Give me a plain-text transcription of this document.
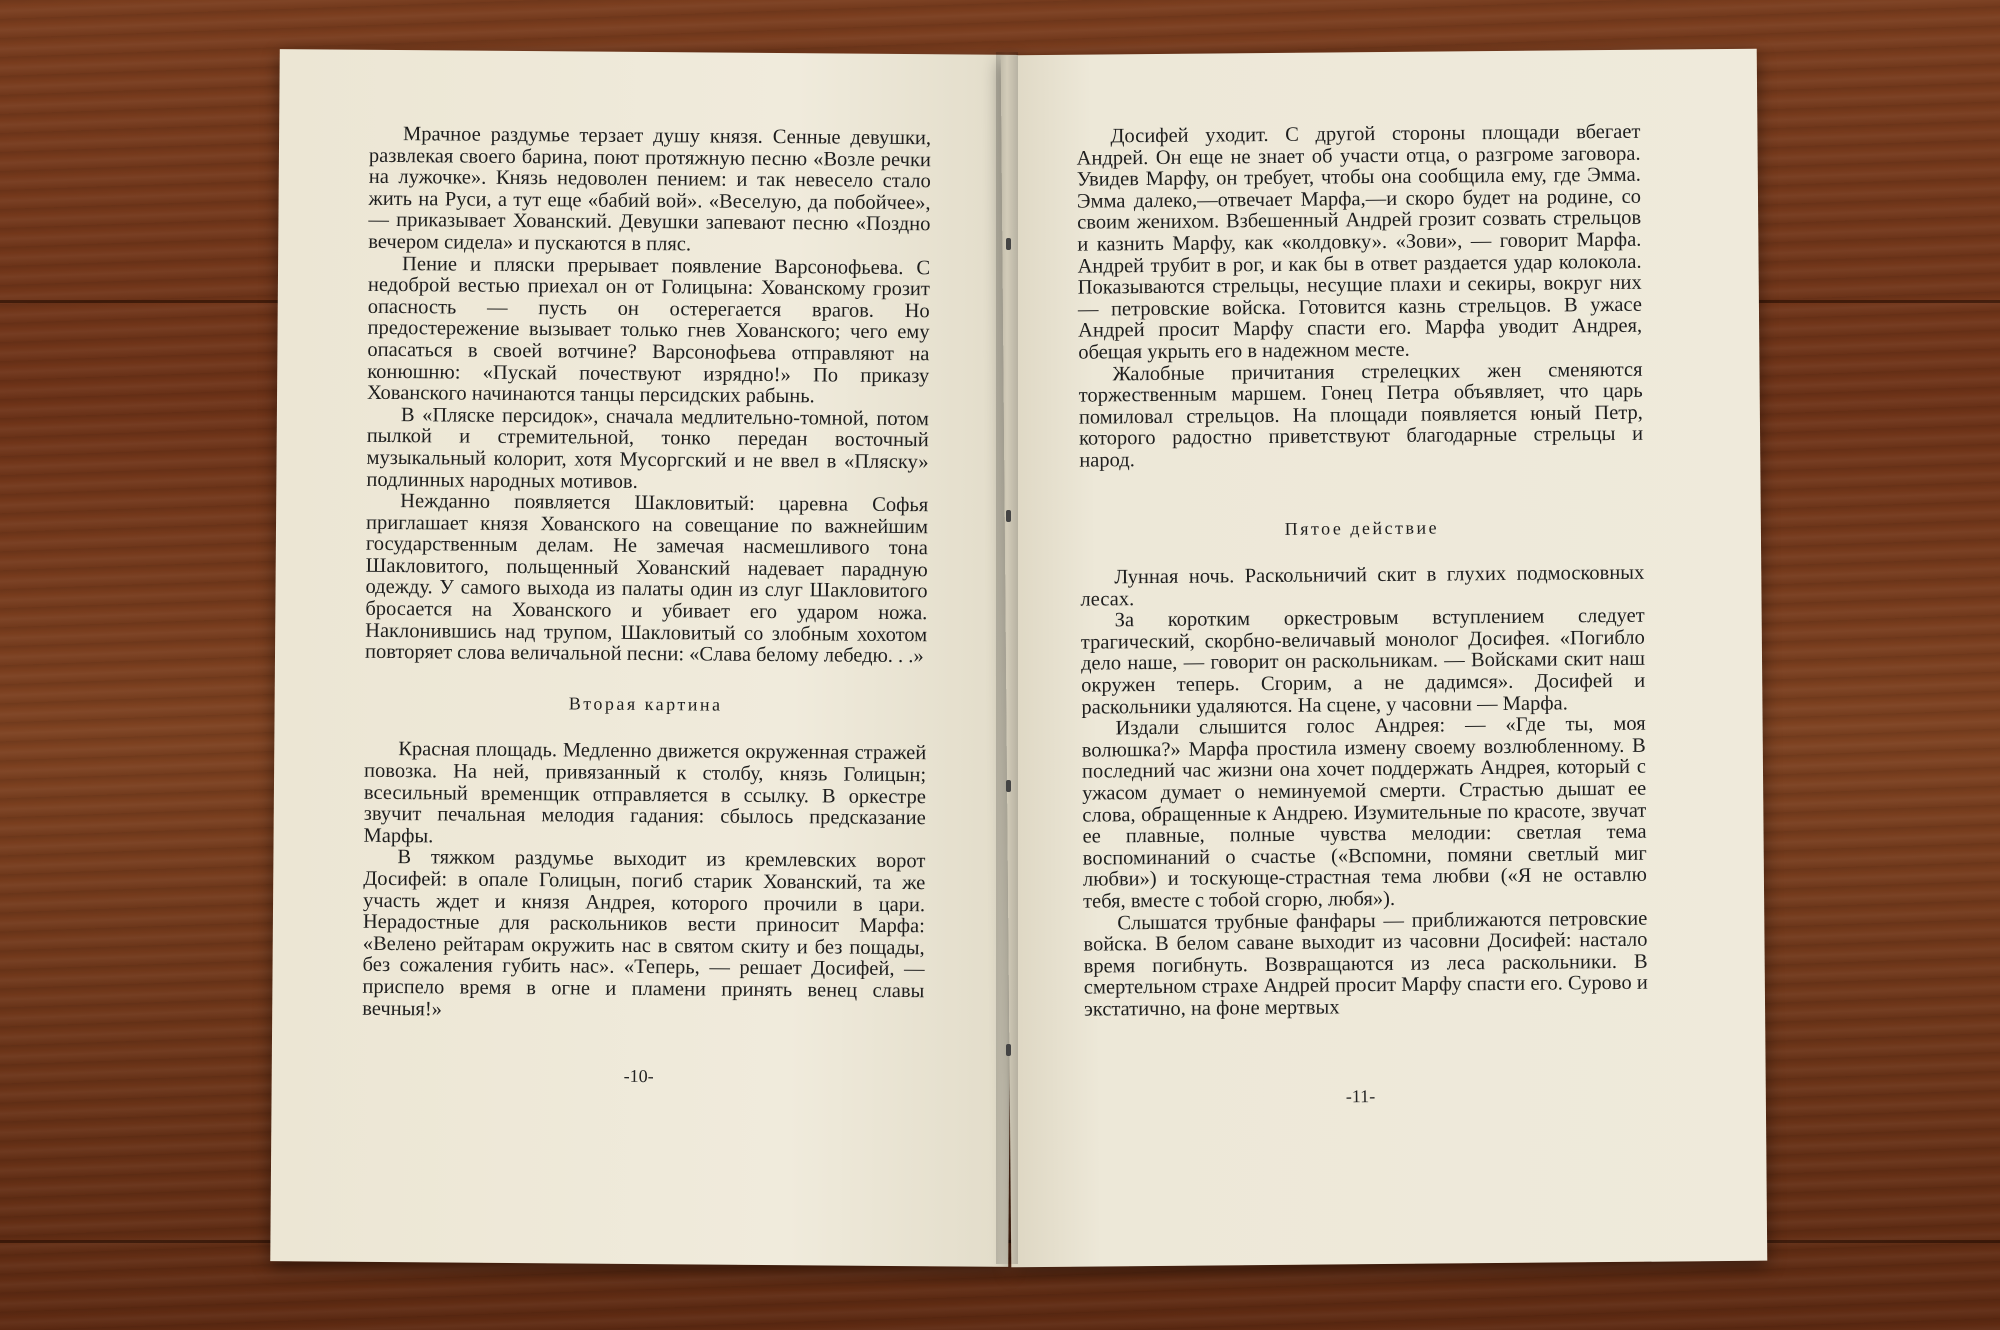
Мрачное раздумье терзает душу князя. Сенные девушки, развлекая своего барина, поют протяжную песню «Возле речки на лужочке». Князь недоволен пением: и так невесело стало жить на Руси, а тут еще «бабий вой». «Веселую, да побойчее», — приказывает Хованский. Девушки запевают песню «Поздно вечером сидела» и пускаются в пляс.

Пение и пляски прерывает появление Варсонофьева. С недоброй вестью приехал он от Голицына: Хованскому грозит опасность — пусть он остерегается врагов. Но предостережение вызывает только гнев Хованского; чего ему опасаться в своей вотчине? Варсонофьева отправляют на конюшню: «Пускай почествуют изрядно!» По приказу Хованского начинаются танцы персидских рабынь.

В «Пляске персидок», сначала медлительно-томной, потом пылкой и стремительной, тонко передан восточный музыкальный колорит, хотя Мусоргский и не ввел в «Пляску» подлинных народных мотивов.

Нежданно появляется Шакловитый: царевна Софья приглашает князя Хованского на совещание по важнейшим государственным делам. Не замечая насмешливого тона Шакловитого, польщенный Хованский надевает парадную одежду. У самого выхода из палаты один из слуг Шакловитого бросается на Хованского и убивает его ударом ножа. Наклонившись над трупом, Шакловитый со злобным хохотом повторяет слова величальной песни: «Слава белому лебедю. . .»

Вторая картина

Красная площадь. Медленно движется окруженная стражей повозка. На ней, привязанный к столбу, князь Голицын; всесильный временщик отправляется в ссылку. В оркестре звучит печальная мелодия гадания: сбылось предсказание Марфы.

В тяжком раздумье выходит из кремлевских ворот Досифей: в опале Голицын, погиб старик Хованский, та же участь ждет и князя Андрея, которого прочили в цари. Нерадостные для раскольников вести приносит Марфа: «Велено рейтарам окружить нас в святом скиту и без пощады, без сожаления губить нас». «Теперь, — решает Досифей, — приспело время в огне и пламени принять венец славы вечныя!»

-10-

Досифей уходит. С другой стороны площади вбегает Андрей. Он еще не знает об участи отца, о разгроме заговора. Увидев Марфу, он требует, чтобы она сообщила ему, где Эмма. Эмма далеко,—отвечает Марфа,—и скоро будет на родине, со своим женихом. Взбешенный Андрей грозит созвать стрельцов и казнить Марфу, как «колдовку». «Зови», — говорит Марфа. Андрей трубит в рог, и как бы в ответ раздается удар колокола. Показываются стрельцы, несущие плахи и секиры, вокруг них — петровские войска. Готовится казнь стрельцов. В ужасе Андрей просит Марфу спасти его. Марфа уводит Андрея, обещая укрыть его в надежном месте.

Жалобные причитания стрелецких жен сменяются торжественным маршем. Гонец Петра объявляет, что царь помиловал стрельцов. На площади появляется юный Петр, которого радостно приветствуют благодарные стрельцы и народ.

Пятое действие

Лунная ночь. Раскольничий скит в глухих подмосковных лесах.

За коротким оркестровым вступлением следует трагический, скорбно-величавый монолог Досифея. «Погибло дело наше, — говорит он раскольникам. — Войсками скит наш окружен теперь. Сгорим, а не дадимся». Досифей и раскольники удаляются. На сцене, у часовни — Марфа.

Издали слышится голос Андрея: — «Где ты, моя волюшка?» Марфа простила измену своему возлюбленному. В последний час жизни она хочет поддержать Андрея, который с ужасом думает о неминуемой смерти. Страстью дышат ее слова, обращенные к Андрею. Изумительные по красоте, звучат ее плавные, полные чувства мелодии: светлая тема воспоминаний о счастье («Вспомни, помяни светлый миг любви») и тоскующе-страстная тема любви («Я не оставлю тебя, вместе с тобой сгорю, любя»).

Слышатся трубные фанфары — приближаются петровские войска. В белом саване выходит из часовни Досифей: настало время погибнуть. Возвращаются из леса раскольники. В смертельном страхе Андрей просит Марфу спасти его. Сурово и экстатично, на фоне мертвых

-11-
